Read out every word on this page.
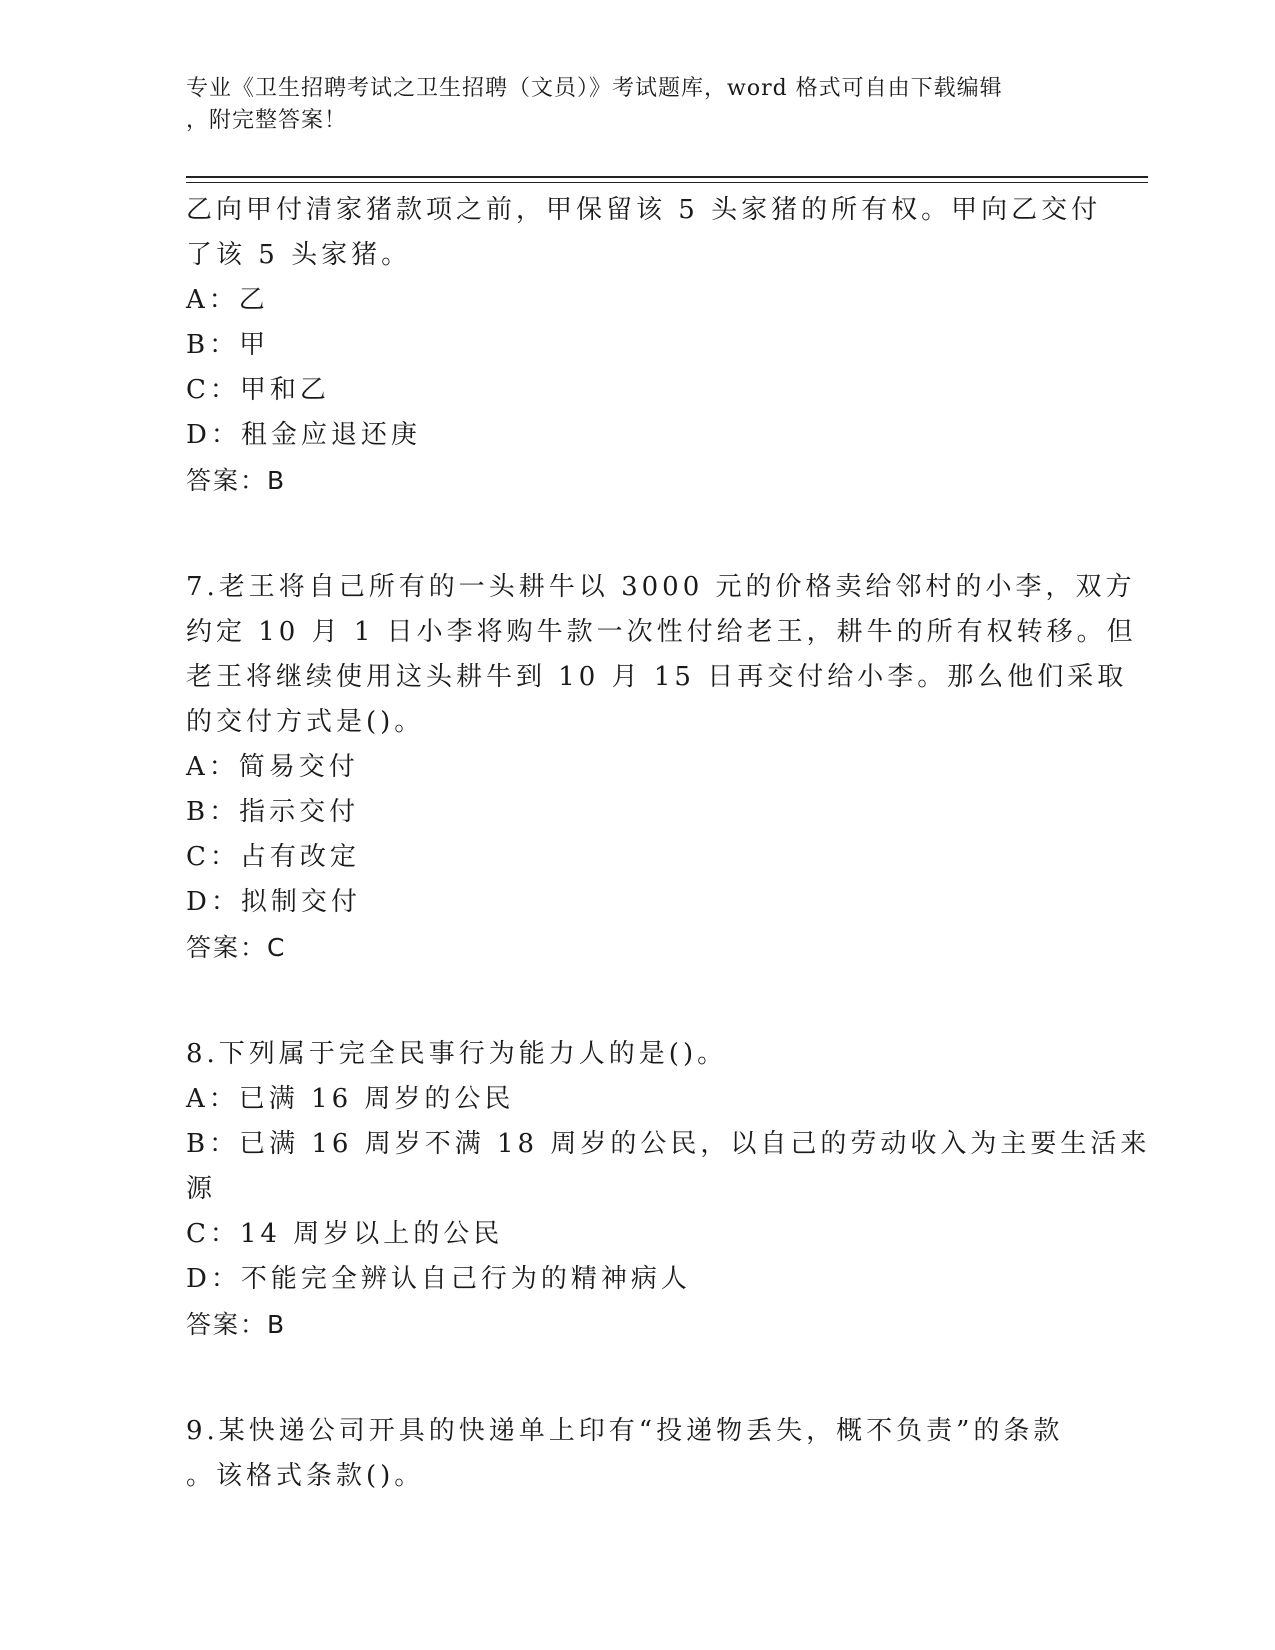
专业《卫生招聘考试之卫生招聘（文员）》考试题库，word 格式可自由下载编辑
，附完整答案！
乙向甲付清家猪款项之前，甲保留该 5 头家猪的所有权。甲向乙交付
了该 5 头家猪。
A：乙
B：甲
C：甲和乙
D：租金应退还庚
答案：B
7.老王将自己所有的一头耕牛以 3000 元的价格卖给邻村的小李，双方
约定 10 月 1 日小李将购牛款一次性付给老王，耕牛的所有权转移。但
老王将继续使用这头耕牛到 10 月 15 日再交付给小李。那么他们采取
的交付方式是()。
A：简易交付
B：指示交付
C：占有改定
D：拟制交付
答案：C
8.下列属于完全民事行为能力人的是()。
A：已满 16 周岁的公民
B：已满 16 周岁不满 18 周岁的公民，以自己的劳动收入为主要生活来
源
C：14 周岁以上的公民
D：不能完全辨认自己行为的精神病人
答案：B
9.某快递公司开具的快递单上印有“投递物丢失，概不负责”的条款
。该格式条款()。
